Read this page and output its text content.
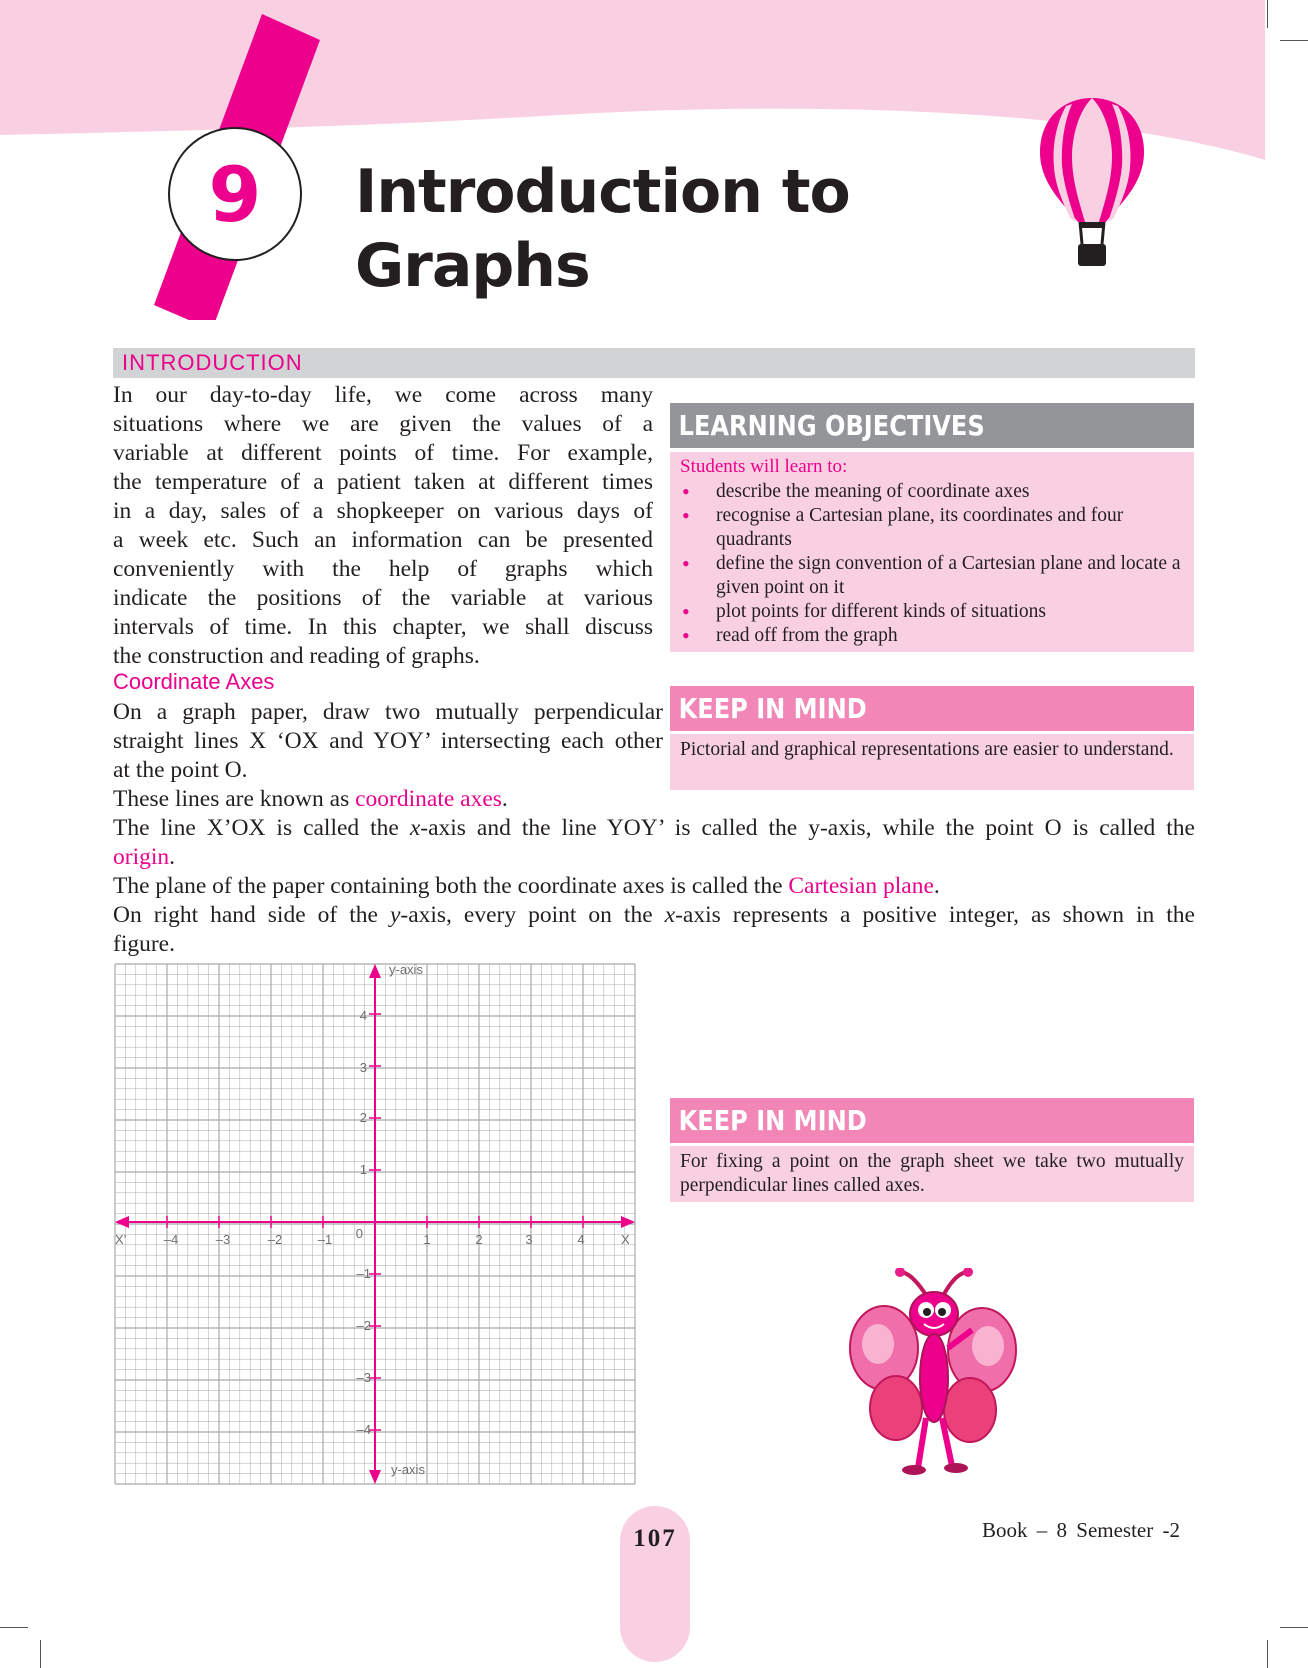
9 Introduction to
Graphs
INTRODUCTION
In our day-to-day life, we come across many
situations where we are given the values of a
variable at different points of time. For example,
the temperature of a patient taken at different times
in a day, sales of a shopkeeper on various days of
a week etc. Such an information can be presented
conveniently with the help of graphs which
indicate the positions of the variable at various
intervals of time. In this chapter, we shall discuss
the construction and reading of graphs.
Coordinate Axes
On a graph paper, draw two mutually perpendicular
straight lines X ‘OX and YOY’ intersecting each other
at the point O.
These lines are known as coordinate axes.
The line X’OX is called the x-axis and the line YOY’ is called the y-axis, while the point O is called the
origin.
The plane of the paper containing both the coordinate axes is called the Cartesian plane.
On right hand side of the y-axis, every point on the x-axis represents a positive integer, as shown in the
figure.
LEARNING OBJECTIVES
Students will learn to:
• describe the meaning of coordinate axes
• recognise a Cartesian plane, its coordinates and four quadrants
• define the sign convention of a Cartesian plane and locate a given point on it
• plot points for different kinds of situations
• read off from the graph
KEEP IN MIND
Pictorial and graphical representations are easier to understand.
KEEP IN MIND
For fixing a point on the graph sheet we take two mutually perpendicular lines called axes.
y-axis
y-axis
X’	X
0
–4	–3	–2	–1	1	2	3	4
4
3
2
1
–1
–2
–3
–4
107	Book – 8 Semester -2
